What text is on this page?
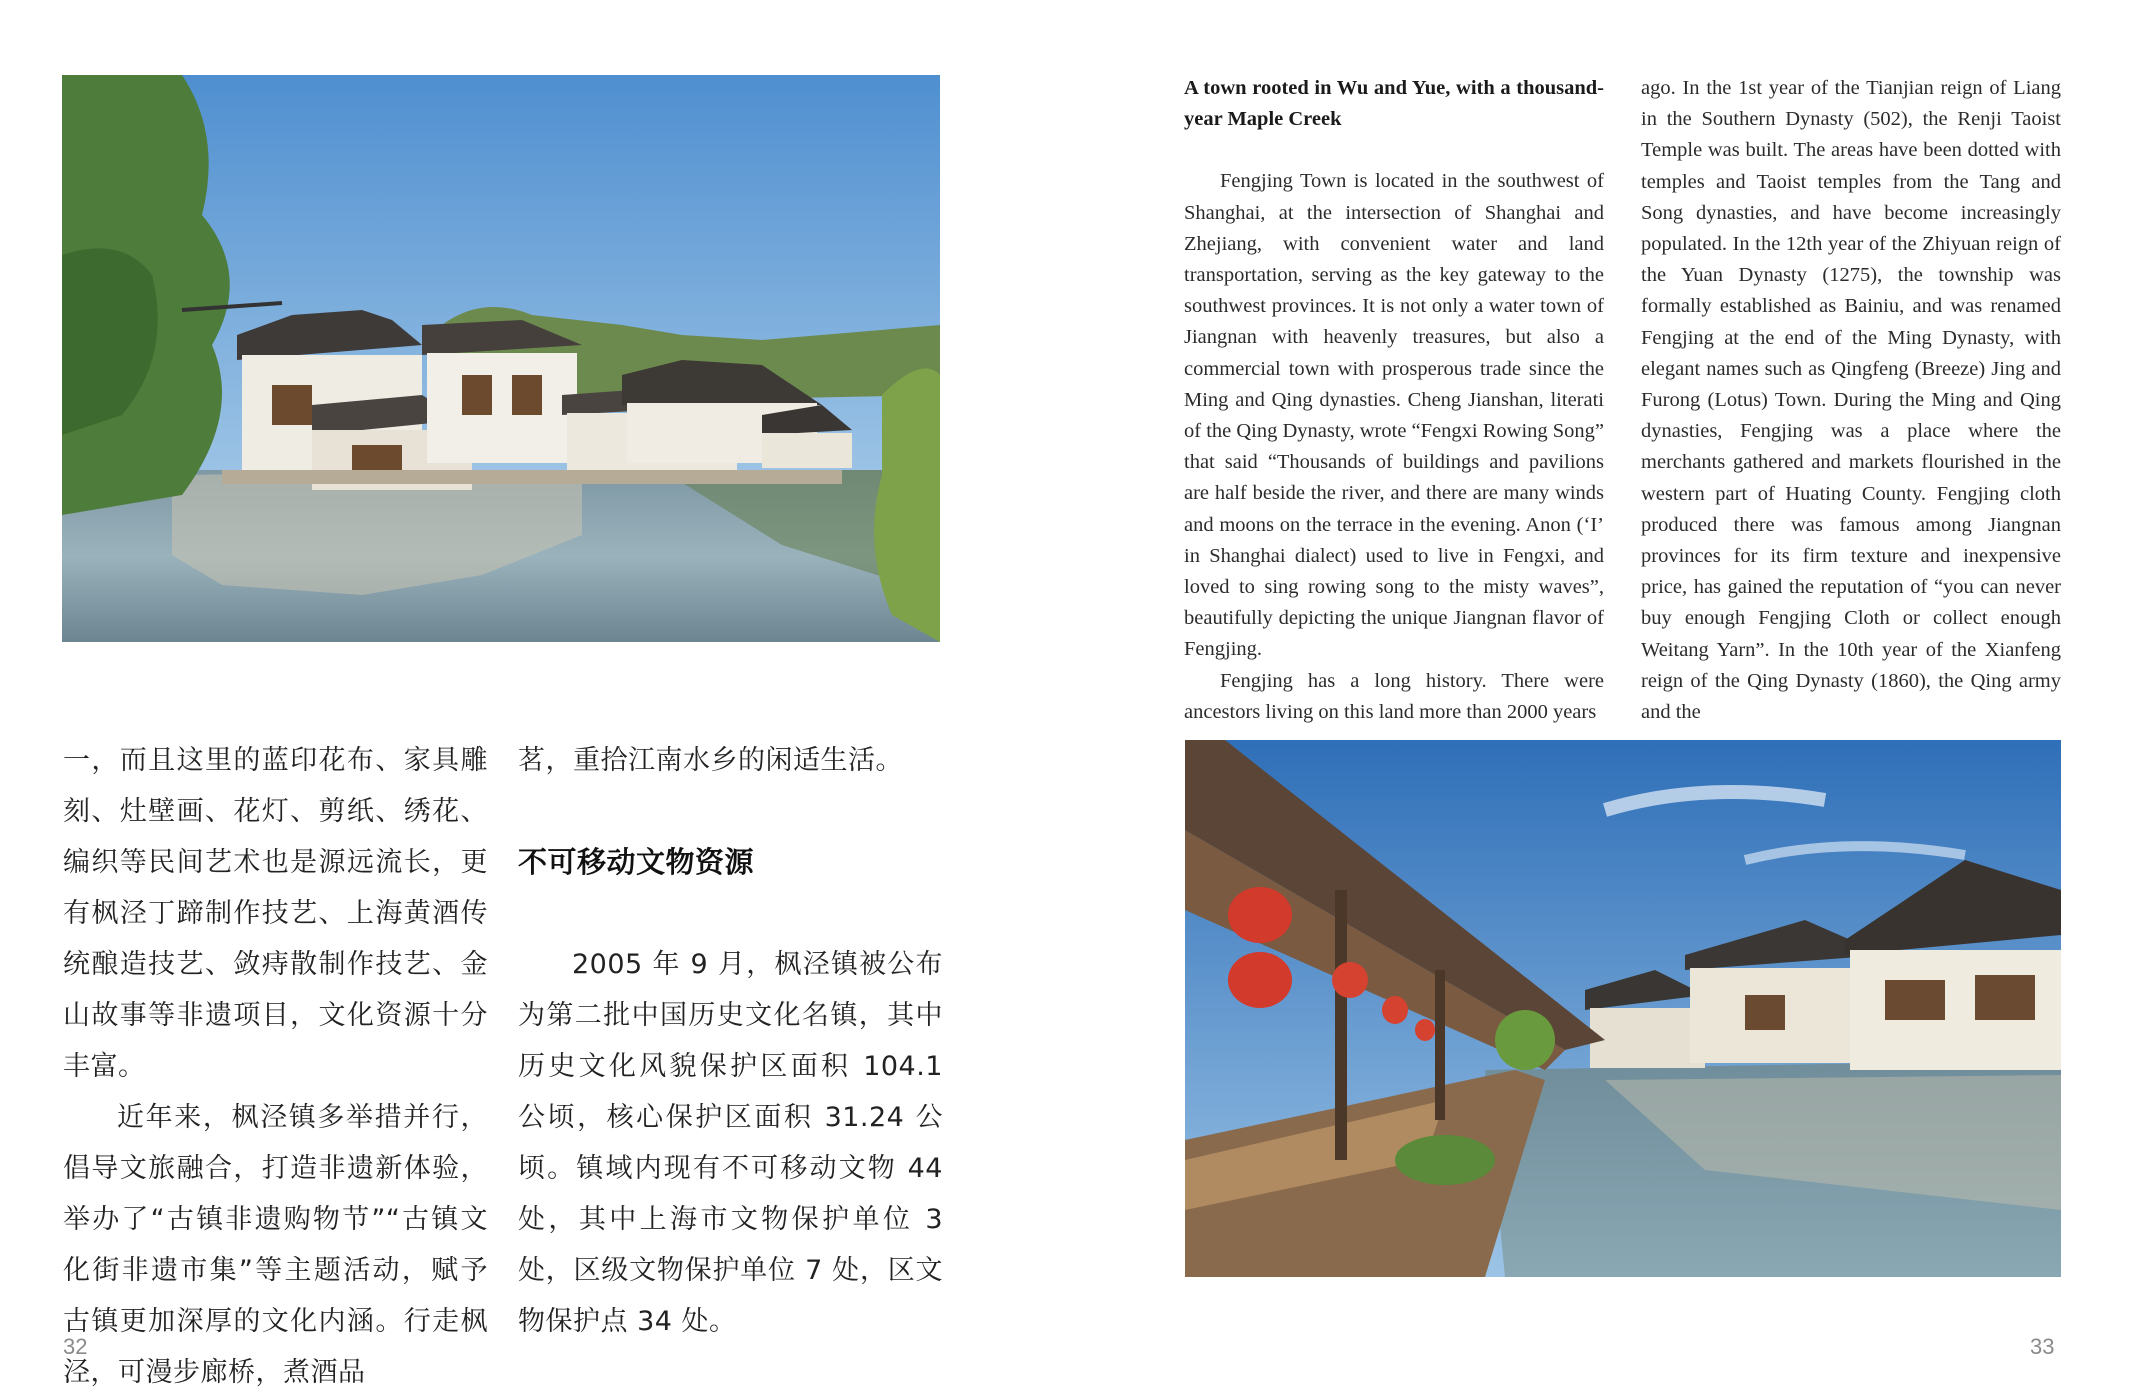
一，而且这里的蓝印花布、家具雕刻、灶壁画、花灯、剪纸、绣花、编织等民间艺术也是源远流长，更有枫泾丁蹄制作技艺、上海黄酒传统酿造技艺、敛痔散制作技艺、金山故事等非遗项目，文化资源十分丰富。

近年来，枫泾镇多举措并行，倡导文旅融合，打造非遗新体验，举办了“古镇非遗购物节”“古镇文化街非遗市集”等主题活动，赋予古镇更加深厚的文化内涵。行走枫泾，可漫步廊桥，煮酒品

茗，重拾江南水乡的闲适生活。

不可移动文物资源

2005 年 9 月，枫泾镇被公布为第二批中国历史文化名镇，其中历史文化风貌保护区面积 104.1 公顷，核心保护区面积 31.24 公顷。镇域内现有不可移动文物 44 处，其中上海市文物保护单位 3 处，区级文物保护单位 7 处，区文物保护点 34 处。

32

A town rooted in Wu and Yue, with a thousand-year Maple Creek

Fengjing Town is located in the southwest of Shanghai, at the intersection of Shanghai and Zhejiang, with convenient water and land transportation, serving as the key gateway to the southwest provinces. It is not only a water town of Jiangnan with heavenly treasures, but also a commercial town with prosperous trade since the Ming and Qing dynasties. Cheng Jianshan, literati of the Qing Dynasty, wrote “Fengxi Rowing Song” that said “Thousands of buildings and pavilions are half beside the river, and there are many winds and moons on the terrace in the evening. Anon (‘I’ in Shanghai dialect) used to live in Fengxi, and loved to sing rowing song to the misty waves”, beautifully depicting the unique Jiangnan flavor of Fengjing.

Fengjing has a long history. There were ancestors living on this land more than 2000 years

ago. In the 1st year of the Tianjian reign of Liang in the Southern Dynasty (502), the Renji Taoist Temple was built. The areas have been dotted with temples and Taoist temples from the Tang and Song dynasties, and have become increasingly populated. In the 12th year of the Zhiyuan reign of the Yuan Dynasty (1275), the township was formally established as Bainiu, and was renamed Fengjing at the end of the Ming Dynasty, with elegant names such as Qingfeng (Breeze) Jing and Furong (Lotus) Town. During the Ming and Qing dynasties, Fengjing was a place where the merchants gathered and markets flourished in the western part of Huating County. Fengjing cloth produced there was famous among Jiangnan provinces for its firm texture and inexpensive price, has gained the reputation of “you can never buy enough Fengjing Cloth or collect enough Weitang Yarn”. In the 10th year of the Xianfeng reign of the Qing Dynasty (1860), the Qing army and the

33
